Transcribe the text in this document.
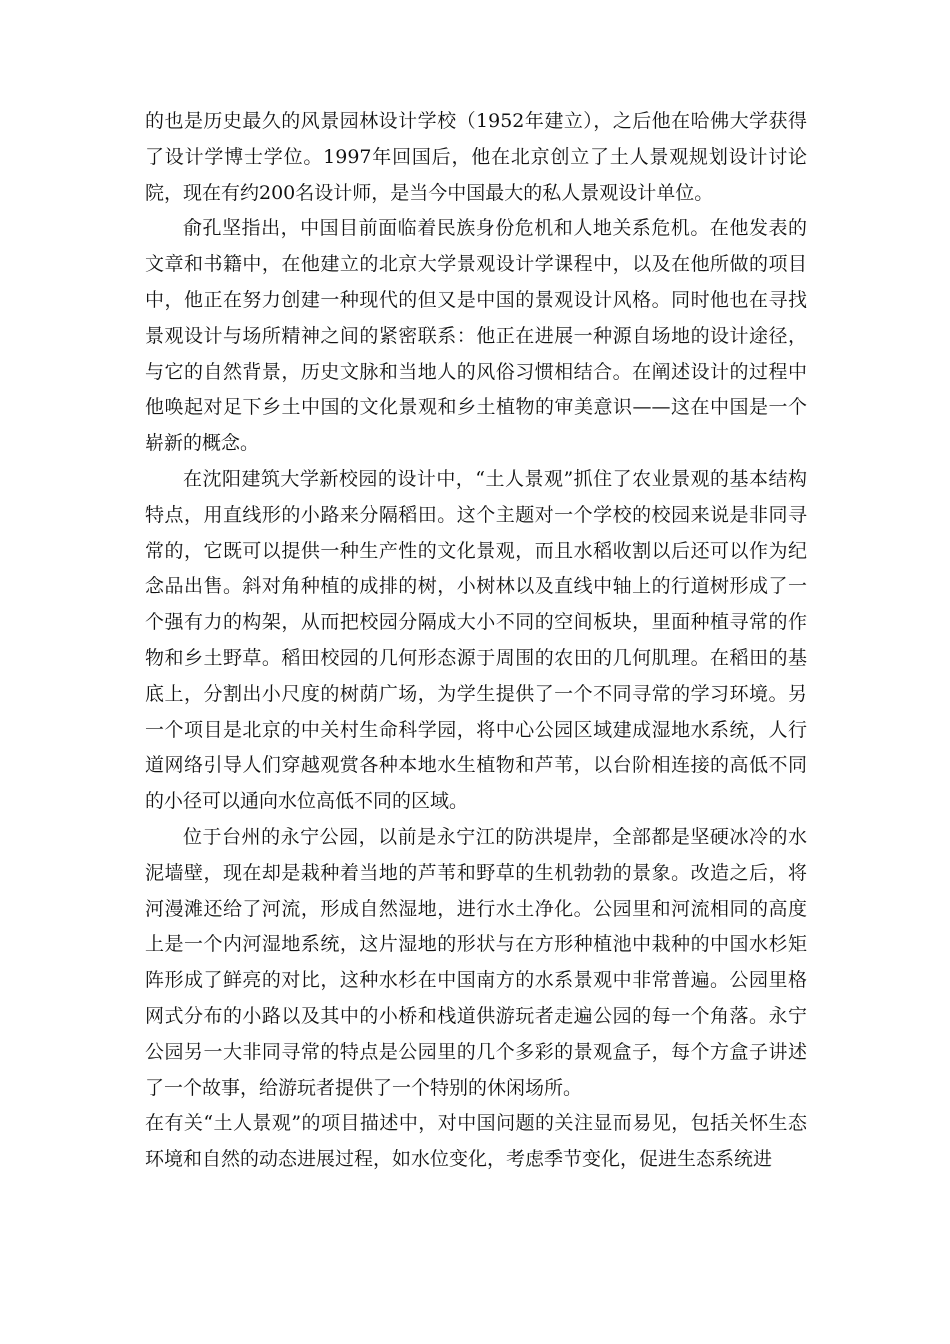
的也是历史最久的风景园林设计学校（1952年建立），之后他在哈佛大学获得了设计学博士学位。1997年回国后，他在北京创立了土人景观规划设计讨论院，现在有约200名设计师，是当今中国最大的私人景观设计单位。

俞孔坚指出，中国目前面临着民族身份危机和人地关系危机。在他发表的文章和书籍中，在他建立的北京大学景观设计学课程中，以及在他所做的项目中，他正在努力创建一种现代的但又是中国的景观设计风格。同时他也在寻找景观设计与场所精神之间的紧密联系：他正在进展一种源自场地的设计途径，与它的自然背景，历史文脉和当地人的风俗习惯相结合。在阐述设计的过程中他唤起对足下乡土中国的文化景观和乡土植物的审美意识——这在中国是一个崭新的概念。

在沈阳建筑大学新校园的设计中，“土人景观”抓住了农业景观的基本结构特点，用直线形的小路来分隔稻田。这个主题对一个学校的校园来说是非同寻常的，它既可以提供一种生产性的文化景观，而且水稻收割以后还可以作为纪念品出售。斜对角种植的成排的树，小树林以及直线中轴上的行道树形成了一个强有力的构架，从而把校园分隔成大小不同的空间板块，里面种植寻常的作物和乡土野草。稻田校园的几何形态源于周围的农田的几何肌理。在稻田的基底上，分割出小尺度的树荫广场，为学生提供了一个不同寻常的学习环境。另一个项目是北京的中关村生命科学园，将中心公园区域建成湿地水系统，人行道网络引导人们穿越观赏各种本地水生植物和芦苇，以台阶相连接的高低不同的小径可以通向水位高低不同的区域。

位于台州的永宁公园，以前是永宁江的防洪堤岸，全部都是坚硬冰冷的水泥墙壁，现在却是栽种着当地的芦苇和野草的生机勃勃的景象。改造之后，将河漫滩还给了河流，形成自然湿地，进行水土净化。公园里和河流相同的高度上是一个内河湿地系统，这片湿地的形状与在方形种植池中栽种的中国水杉矩阵形成了鲜亮的对比，这种水杉在中国南方的水系景观中非常普遍。公园里格网式分布的小路以及其中的小桥和栈道供游玩者走遍公园的每一个角落。永宁公园另一大非同寻常的特点是公园里的几个多彩的景观盒子，每个方盒子讲述了一个故事，给游玩者提供了一个特别的休闲场所。

在有关“土人景观”的项目描述中，对中国问题的关注显而易见，包括关怀生态环境和自然的动态进展过程，如水位变化，考虑季节变化，促进生态系统进
